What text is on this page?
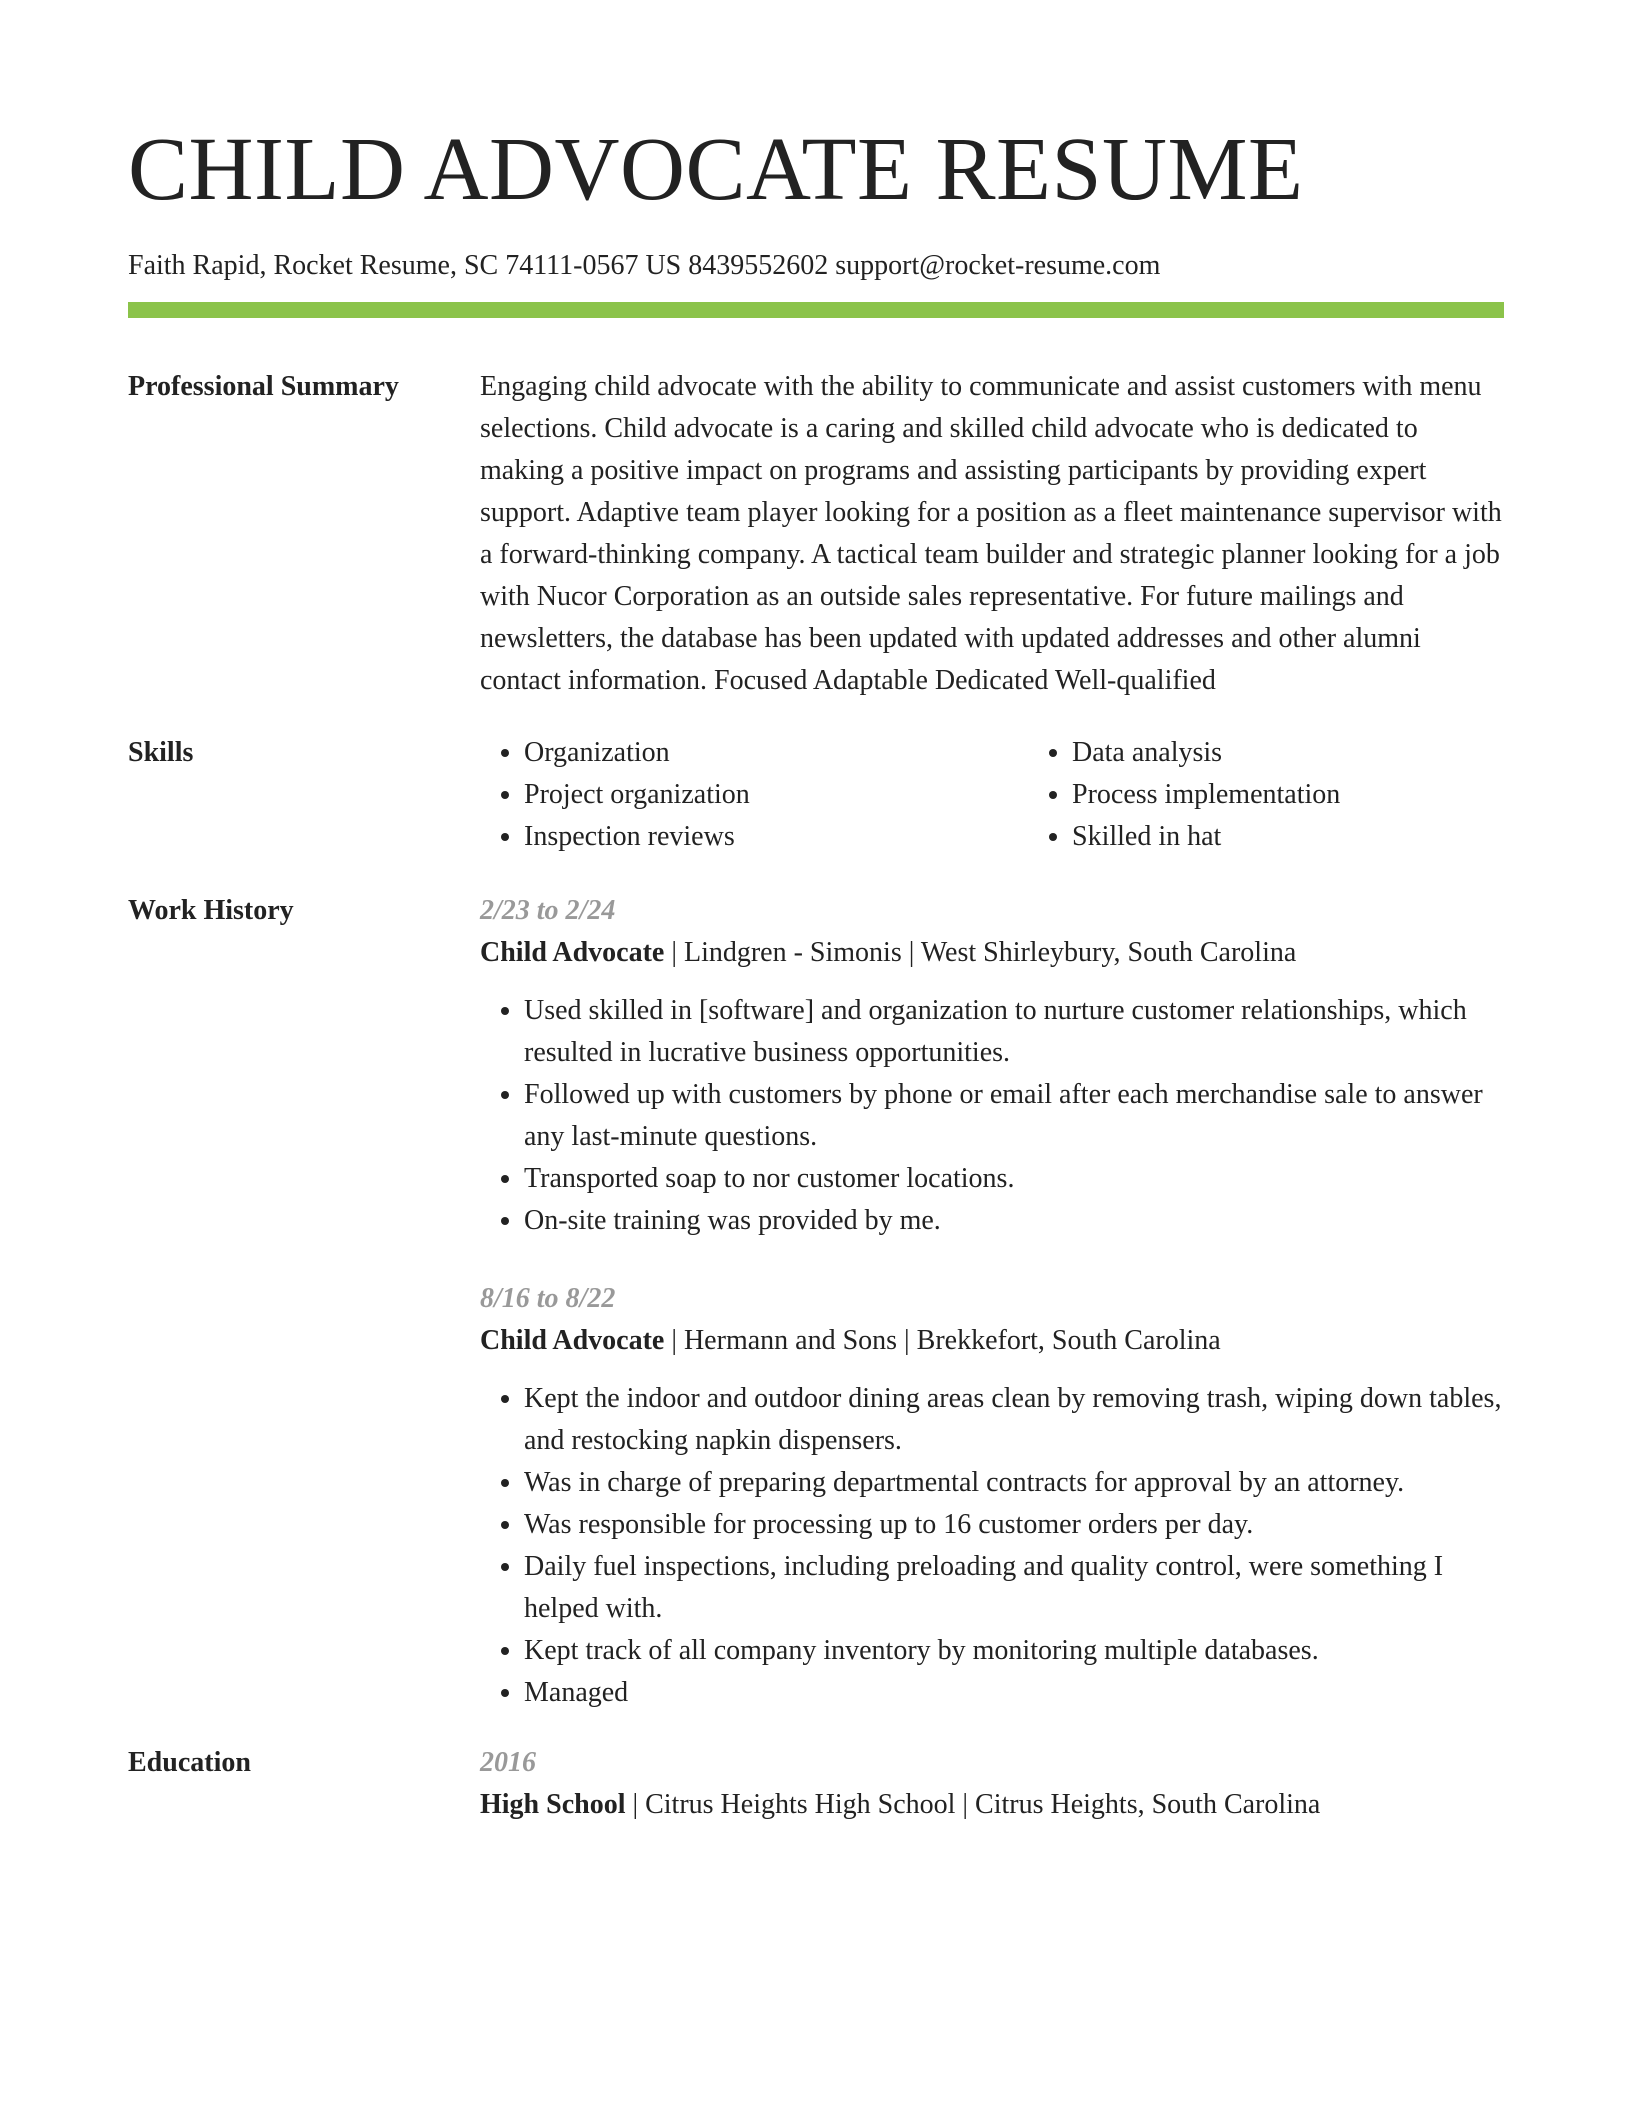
CHILD ADVOCATE RESUME
Faith Rapid, Rocket Resume, SC 74111-0567 US 8439552602 support@rocket-resume.com
Professional Summary	Engaging child advocate with the ability to communicate and assist customers with menu selections. Child advocate is a caring and skilled child advocate who is dedicated to making a positive impact on programs and assisting participants by providing expert support. Adaptive team player looking for a position as a fleet maintenance supervisor with a forward-thinking company. A tactical team builder and strategic planner looking for a job with Nucor Corporation as an outside sales representative. For future mailings and newsletters, the database has been updated with updated addresses and other alumni contact information. Focused Adaptable Dedicated Well-qualified
Skills
•	Organization
• Project organization
• Inspection reviews
• Data analysis
• Process implementation
• Skilled in hat
Work History	2/23 to 2/24
Child Advocate | Lindgren - Simonis | West Shirleybury, South Carolina
• Used skilled in [software] and organization to nurture customer relationships, which resulted in lucrative business opportunities.
• Followed up with customers by phone or email after each merchandise sale to answer any last-minute questions.
• Transported soap to nor customer locations.
• On-site training was provided by me.
8/16 to 8/22
Child Advocate | Hermann and Sons | Brekkefort, South Carolina
• Kept the indoor and outdoor dining areas clean by removing trash, wiping down tables, and restocking napkin dispensers.
• Was in charge of preparing departmental contracts for approval by an attorney.
• Was responsible for processing up to 16 customer orders per day.
• Daily fuel inspections, including preloading and quality control, were something I helped with.
• Kept track of all company inventory by monitoring multiple databases.
• Managed
Education	2016
High School | Citrus Heights High School | Citrus Heights, South Carolina
